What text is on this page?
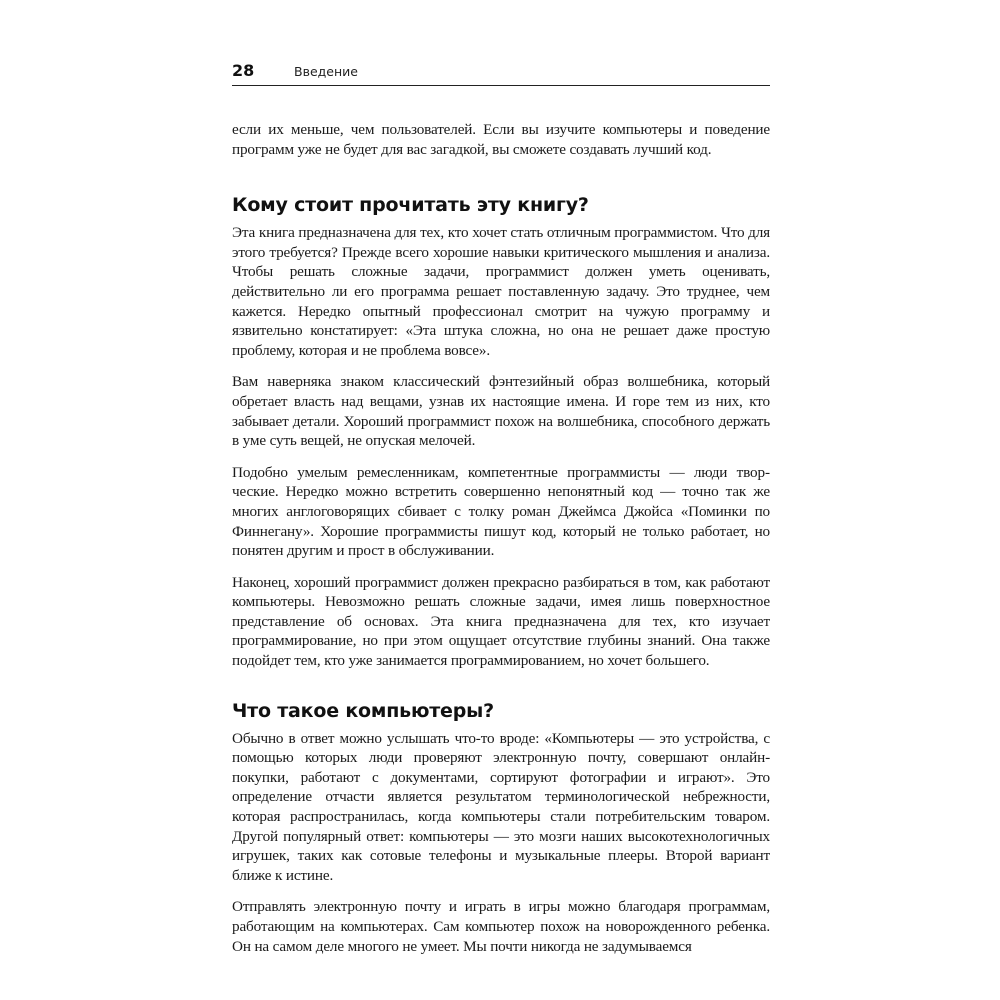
28	Введение

если их меньше, чем пользователей. Если вы изучите компьютеры и поведение программ уже не будет для вас загадкой, вы сможете создавать лучший код.

Кому стоит прочитать эту книгу?

Эта книга предназначена для тех, кто хочет стать отличным программистом. Что для этого требуется? Прежде всего хорошие навыки критического мышления и анализа. Чтобы решать сложные задачи, программист должен уметь оценивать, действительно ли его программа решает поставленную задачу. Это труднее, чем кажется. Нередко опытный профессионал смотрит на чужую программу и язвительно констатирует: «Эта штука сложна, но она не решает даже простую проблему, которая и не проблема вовсе».

Вам наверняка знаком классический фэнтезийный образ волшебника, который обретает власть над вещами, узнав их настоящие имена. И горе тем из них, кто забывает детали. Хороший программист похож на волшебника, способного держать в уме суть вещей, не опуская мелочей.

Подобно умелым ремесленникам, компетентные программисты — люди творческие. Нередко можно встретить совершенно непонятный код — точно так же многих англоговорящих сбивает с толку роман Джеймса Джойса «Поминки по Финнегану». Хорошие программисты пишут код, который не только работает, но понятен другим и прост в обслуживании.

Наконец, хороший программист должен прекрасно разбираться в том, как работают компьютеры. Невозможно решать сложные задачи, имея лишь поверхностное представление об основах. Эта книга предназначена для тех, кто изучает программирование, но при этом ощущает отсутствие глубины знаний. Она также подойдет тем, кто уже занимается программированием, но хочет большего.

Что такое компьютеры?

Обычно в ответ можно услышать что-то вроде: «Компьютеры — это устройства, с помощью которых люди проверяют электронную почту, совершают онлайн-покупки, работают с документами, сортируют фотографии и играют». Это определение отчасти является результатом терминологической небрежности, которая распространилась, когда компьютеры стали потребительским товаром. Другой популярный ответ: компьютеры — это мозги наших высокотехнологичных игрушек, таких как сотовые телефоны и музыкальные плееры. Второй вариант ближе к истине.

Отправлять электронную почту и играть в игры можно благодаря программам, работающим на компьютерах. Сам компьютер похож на новорожденного ребенка. Он на самом деле многого не умеет. Мы почти никогда не задумываемся
